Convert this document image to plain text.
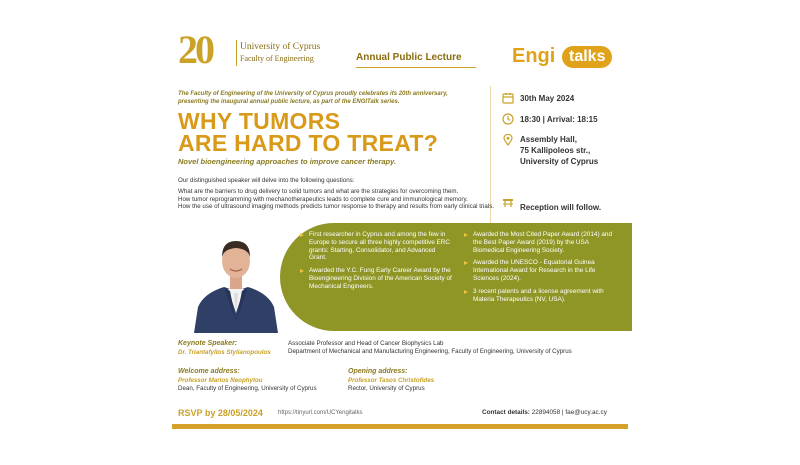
20	University of Cyprus
Faculty of Engineering	Annual Public Lecture	Engi talks
The Faculty of Engineering of the University of Cyprus proudly celebrates its 20th anniversary, presenting the inaugural annual public lecture, as part of the ENGITalk series.
WHY TUMORS
ARE HARD TO TREAT?
Novel bioengineering approaches to improve cancer therapy.
30th May 2024
18:30 | Arrival: 18:15
Assembly Hall,
75 Kallipoleos str.,
University of Cyprus
Reception will follow.
Our distinguished speaker will delve into the following questions:
What are the barriers to drug delivery to solid tumors and what are the strategies for overcoming them.
How tumor reprogramming with mechanotherapeutics leads to complete cure and immunological memory.
How the use of ultrasound imaging methods predicts tumor response to therapy and results from early clinical trials.
First researcher in Cyprus and among the few in Europe to secure all three highly competitive ERC grants: Starting, Consolidator, and Advanced Grant.
Awarded the Y.C. Fung Early Career Award by the Bioengineering Division of the American Society of Mechanical Engineers.
Awarded the Most Cited Paper Award (2014) and the Best Paper Award (2019) by the USA Biomedical Engineering Society.
Awarded the UNESCO - Equatorial Guinea International Award for Research in the Life Sciences (2024).
3 recent patents and a license agreement with Materia Therapeutics (NV, USA).
Keynote Speaker:
Dr. Triantafyllos Stylianopoulos
Associate Professor and Head of Cancer Biophysics Lab
Department of Mechanical and Manufacturing Engineering, Faculty of Engineering, University of Cyprus
Welcome address:
Professor Marios Neophytou
Dean, Faculty of Engineering, University of Cyprus
Opening address:
Professor Tasos Christofides
Rector, University of Cyprus
RSVP by 28/05/2024	https://tinyurl.com/UCYengitalks	Contact details: 22894058 | fae@ucy.ac.cy
